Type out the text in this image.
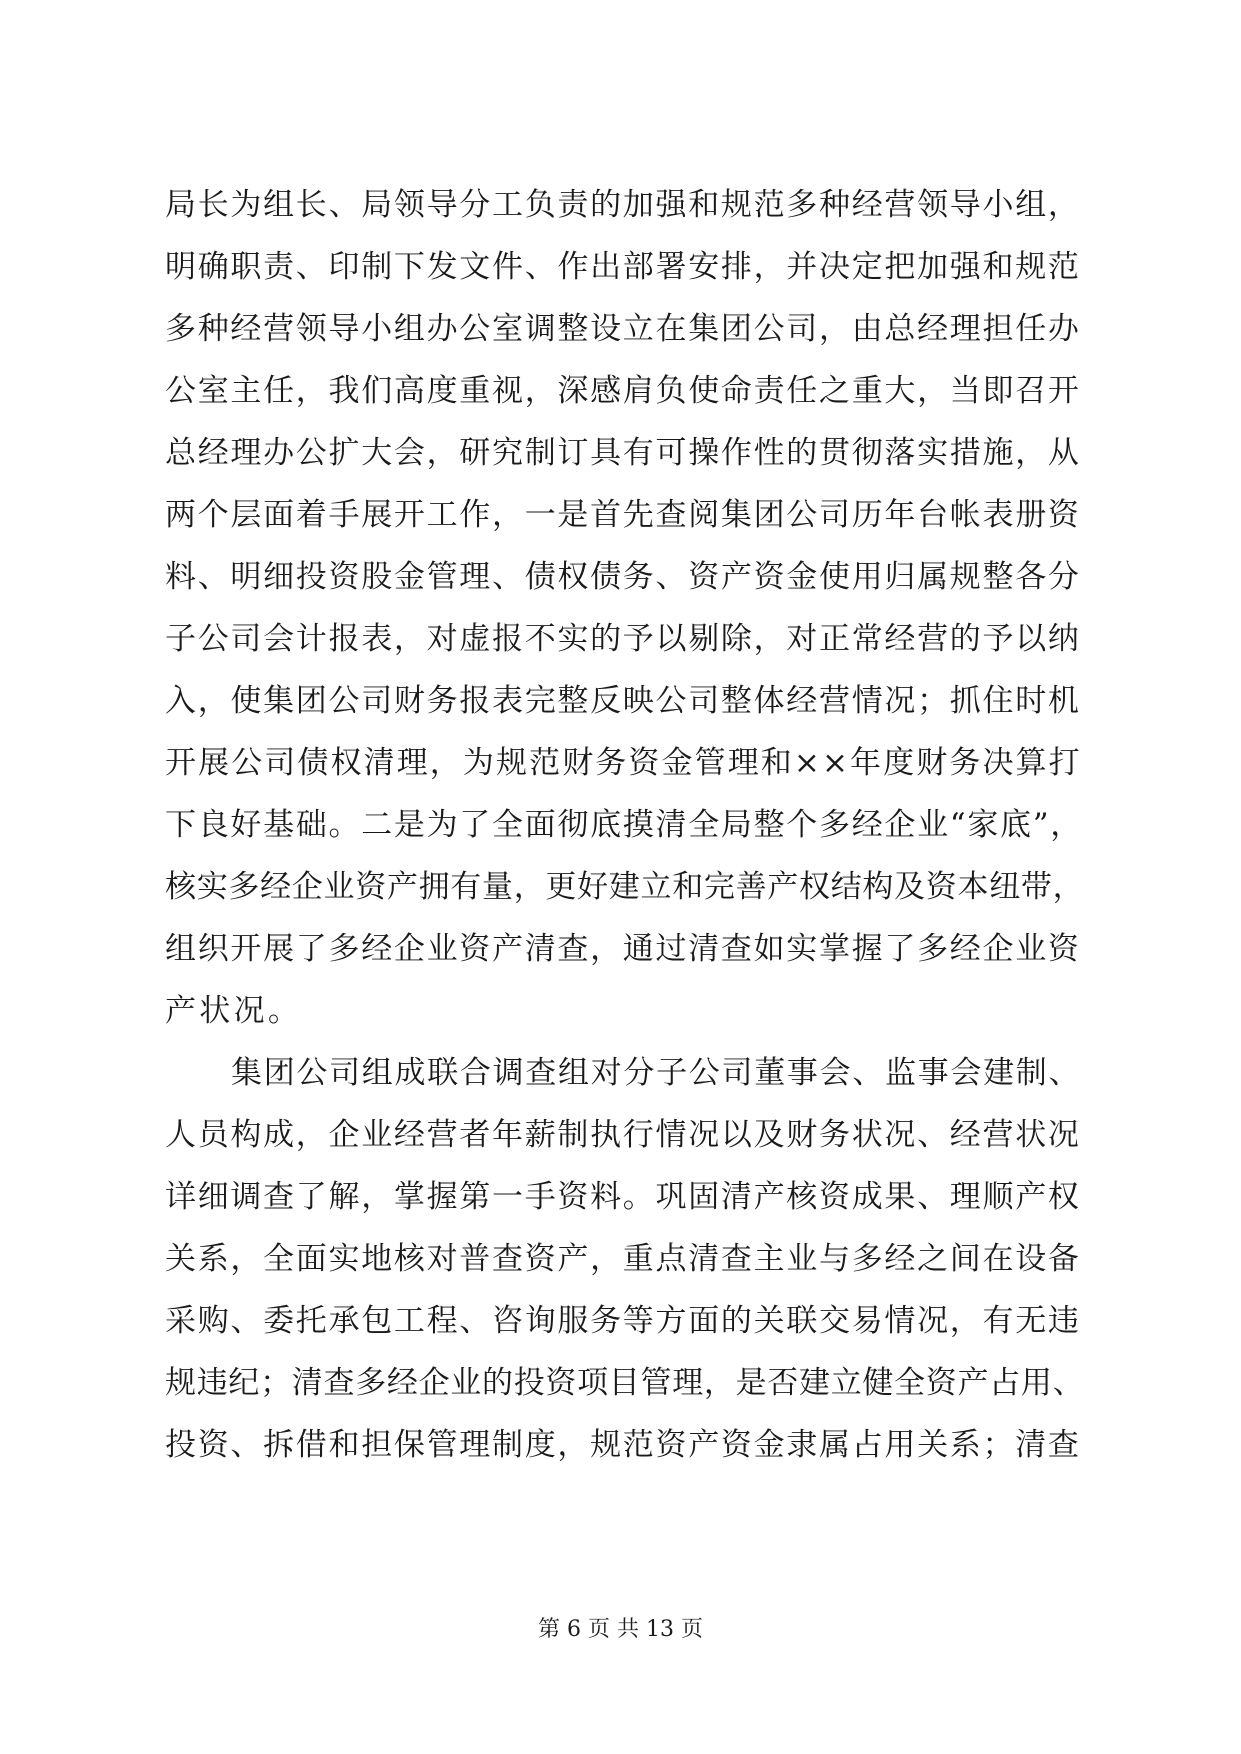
局长为组长、局领导分工负责的加强和规范多种经营领导小组，
明确职责、印制下发文件、作出部署安排，并决定把加强和规范
多种经营领导小组办公室调整设立在集团公司，由总经理担任办
公室主任，我们高度重视，深感肩负使命责任之重大，当即召开
总经理办公扩大会，研究制订具有可操作性的贯彻落实措施，从
两个层面着手展开工作，一是首先查阅集团公司历年台帐表册资
料、明细投资股金管理、债权债务、资产资金使用归属规整各分
子公司会计报表，对虚报不实的予以剔除，对正常经营的予以纳
入，使集团公司财务报表完整反映公司整体经营情况；抓住时机
开展公司债权清理，为规范财务资金管理和××年度财务决算打
下良好基础。二是为了全面彻底摸清全局整个多经企业“家底”，
核实多经企业资产拥有量，更好建立和完善产权结构及资本纽带，
组织开展了多经企业资产清查，通过清查如实掌握了多经企业资
产状况。
集团公司组成联合调查组对分子公司董事会、监事会建制、
人员构成，企业经营者年薪制执行情况以及财务状况、经营状况
详细调查了解，掌握第一手资料。巩固清产核资成果、理顺产权
关系，全面实地核对普查资产，重点清查主业与多经之间在设备
采购、委托承包工程、咨询服务等方面的关联交易情况，有无违
规违纪；清查多经企业的投资项目管理，是否建立健全资产占用、
投资、拆借和担保管理制度，规范资产资金隶属占用关系；清查
第 6 页 共 13 页
